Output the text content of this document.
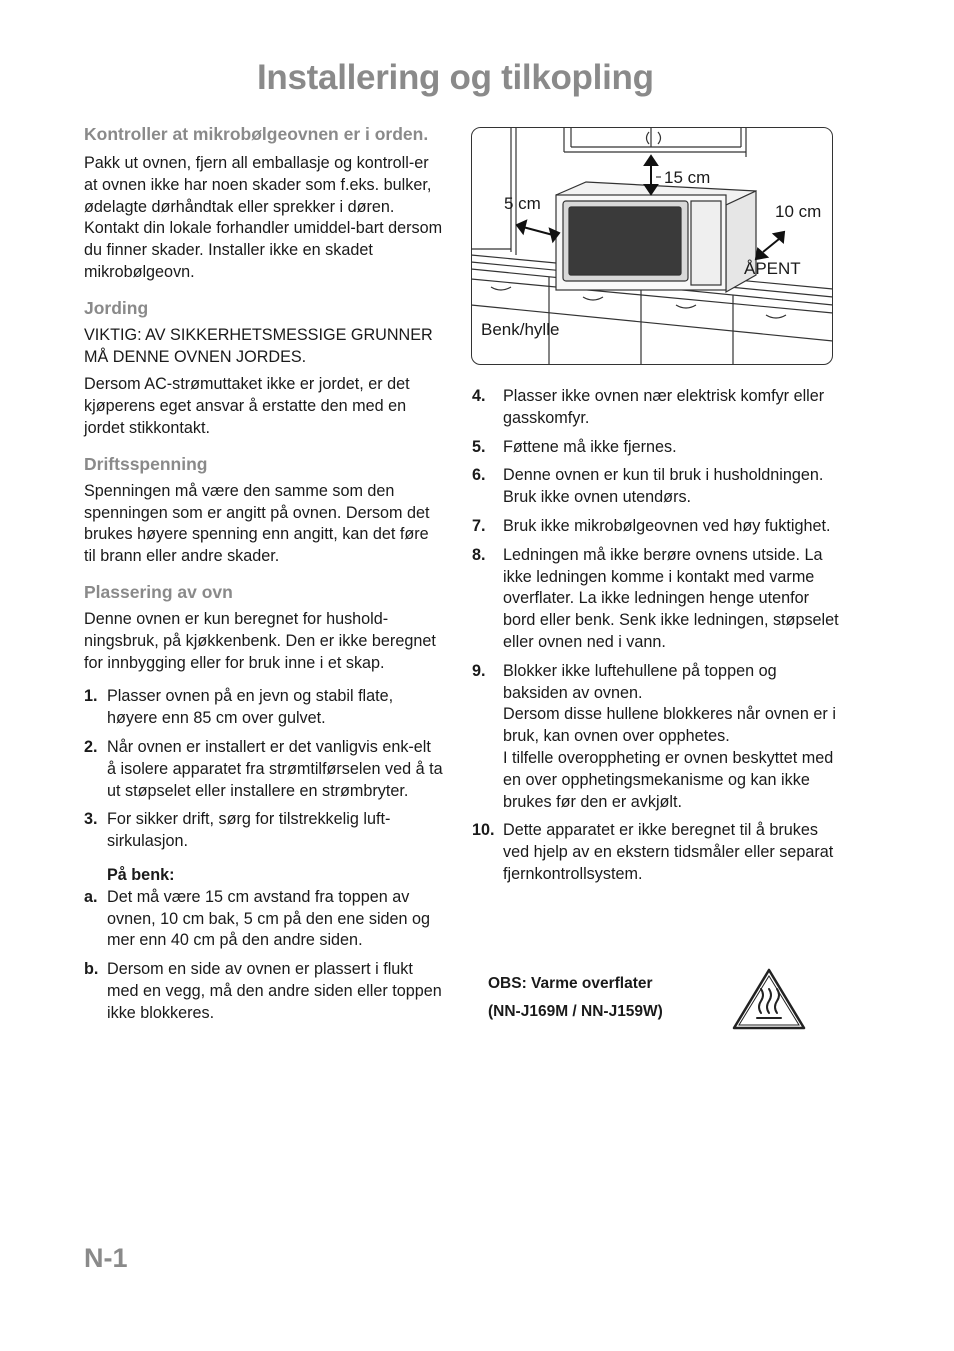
Installering og tilkopling
Kontroller at mikrobølgeovnen er i orden.

Pakk ut ovnen, fjern all emballasje og kontroll-er at ovnen ikke har noen skader som f.eks. bulker, ødelagte dørhåndtak eller sprekker i døren. Kontakt din lokale forhandler umiddel-bart dersom du finner skader. Installer ikke en skadet mikrobølgeovn.

Jording

VIKTIG: AV SIKKERHETSMESSIGE GRUNNER MÅ DENNE OVNEN JORDES.

Dersom AC-strømuttaket ikke er jordet, er det kjøperens eget ansvar å erstatte den med en jordet stikkontakt.

Driftsspenning

Spenningen må være den samme som den spenningen som er angitt på ovnen. Dersom det brukes høyere spenning enn angitt, kan det føre til brann eller andre skader.

Plassering av ovn

Denne ovnen er kun beregnet for hushold-ningsbruk, på kjøkkenbenk. Den er ikke beregnet for innbygging eller for bruk inne i et skap.

1. Plasser ovnen på en jevn og stabil flate, høyere enn 85 cm over gulvet.
2. Når ovnen er installert er det vanligvis enk-elt å isolere apparatet fra strømtilførselen ved å ta ut støpselet eller installere en strømbryter.
3. For sikker drift, sørg for tilstrekkelig luft-sirkulasjon.
På benk:
a. Det må være 15 cm avstand fra toppen av ovnen, 10 cm bak, 5 cm på den ene siden og mer enn 40 cm på den andre siden.
b. Dersom en side av ovnen er plassert i flukt med en vegg, må den andre siden eller toppen ikke blokkeres.
15 cm
5 cm	10 cm
ÅPENT
Benk/hylle
4.	Plasser ikke ovnen nær elektrisk komfyr eller gasskomfyr.
5.	Føttene må ikke fjernes.
6.	Denne ovnen er kun til bruk i husholdningen. Bruk ikke ovnen utendørs.
7.	Bruk ikke mikrobølgeovnen ved høy fuktighet.
8.	Ledningen må ikke berøre ovnens utside. La ikke ledningen komme i kontakt med varme overflater. La ikke ledningen henge utenfor bord eller benk. Senk ikke ledningen, støpselet eller ovnen ned i vann.
9.	Blokker ikke luftehullene på toppen og baksiden av ovnen.
Dersom disse hullene blokkeres når ovnen er i bruk, kan ovnen over opphetes.
I tilfelle overoppheting er ovnen beskyttet med en over opphetingsmekanisme og kan ikke brukes før den er avkjølt.
10. Dette apparatet er ikke beregnet til å brukes ved hjelp av en ekstern tidsmåler eller separat fjernkontrollsystem.
OBS: Varme overflater
(NN-J169M / NN-J159W)
N-1
